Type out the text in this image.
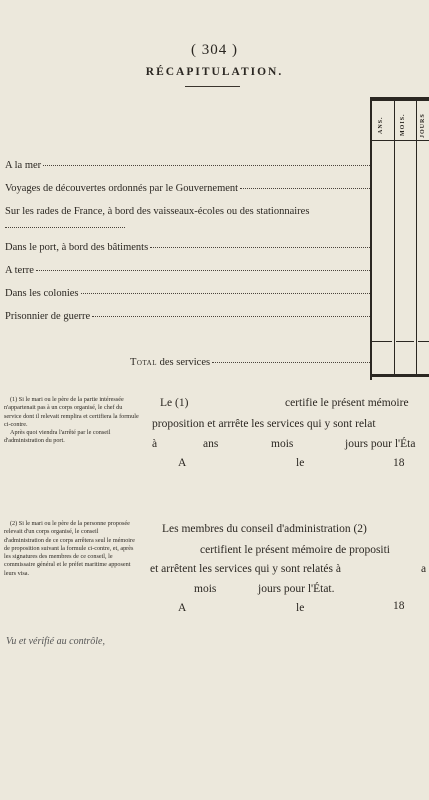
( 304 )
RÉCAPITULATION.
ANS.	MOIS. JOURS
A la mer
Voyages de découvertes ordonnés par le Gouvernement
Sur les rades de France, à bord des vaisseaux-écoles ou des stationnaires
Dans le port, à bord des bâtiments
A terre
Dans les colonies
Prisonnier de guerre
Total des services

(1) Si le mari ou le père de la partie intéressée n'appartenait pas à un corps organisé, le chef du service dont il relevait remplira et certifiera la formule ci-contre.

Après quoi viendra l'arrêté par le conseil d'administration du port.

Le (1)	certifie le présent mémoire
proposition et arrrête les services qui y sont relat
à	ans	mois	jours pour l'Éta
A	le	18

(2) Si le mari ou le père de la personne proposée relevait d'un corps organisé, le conseil d'administration de ce corps arrêtera seul le mémoire de proposition suivant la formule ci-contre, et, après les signatures des membres de ce conseil, le commissaire général et le préfet maritime apposent leurs visa.

Les membres du conseil d'administration (2)
certifient le présent mémoire de propositi
et arrêtent les services qui y sont relatés à	a
mois	jours pour l'État.
A	le	18
Vu et vérifié au contrôle,
